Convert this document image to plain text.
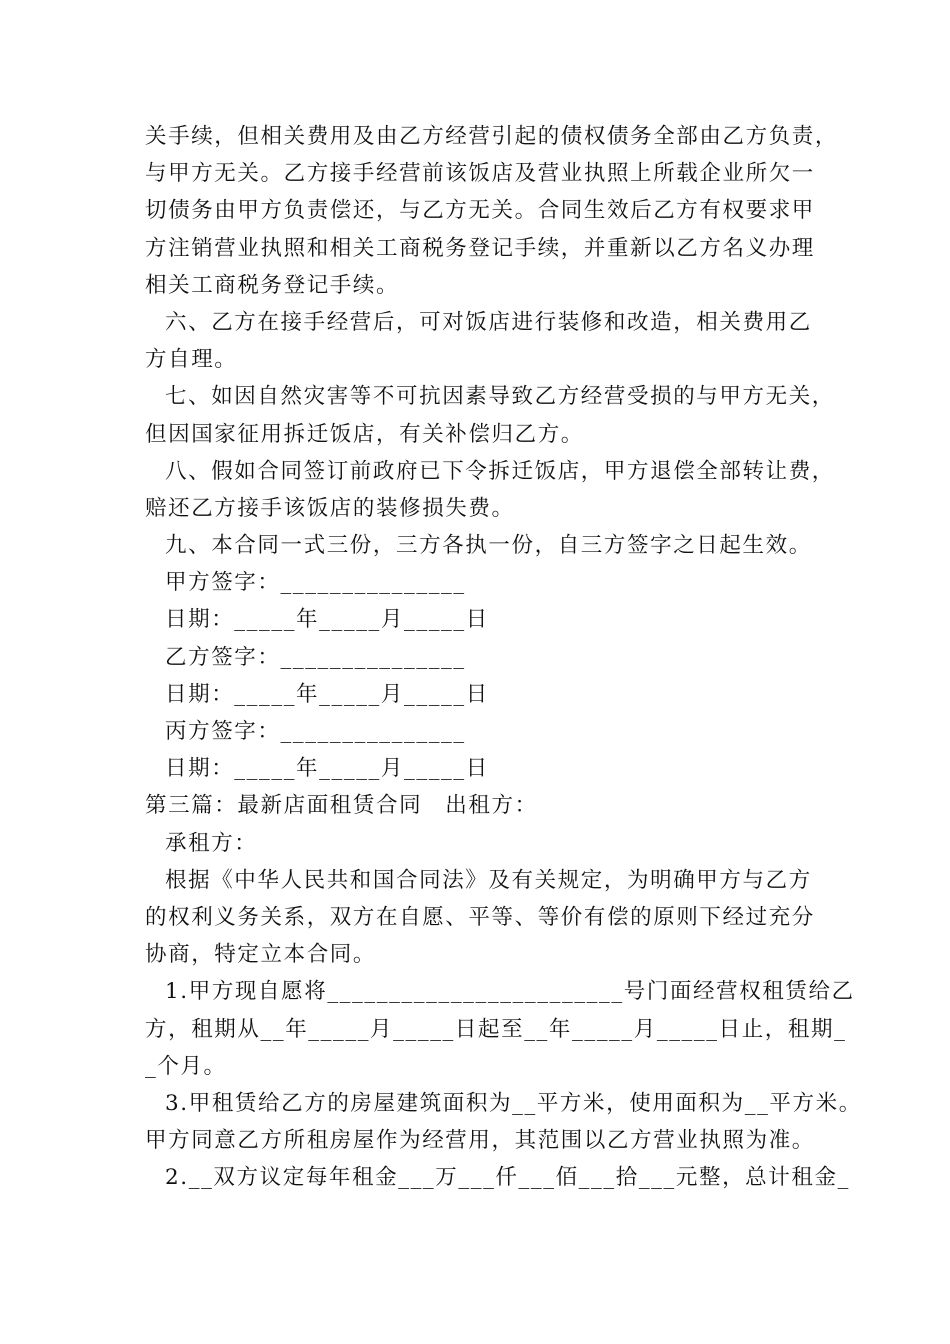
关手续，但相关费用及由乙方经营引起的债权债务全部由乙方负责，
与甲方无关。乙方接手经营前该饭店及营业执照上所载企业所欠一
切债务由甲方负责偿还，与乙方无关。合同生效后乙方有权要求甲
方注销营业执照和相关工商税务登记手续，并重新以乙方名义办理
相关工商税务登记手续。
六、乙方在接手经营后，可对饭店进行装修和改造，相关费用乙
方自理。
七、如因自然灾害等不可抗因素导致乙方经营受损的与甲方无关，
但因国家征用拆迁饭店，有关补偿归乙方。
八、假如合同签订前政府已下令拆迁饭店，甲方退偿全部转让费，
赔还乙方接手该饭店的装修损失费。
九、本合同一式三份，三方各执一份，自三方签字之日起生效。
甲方签字：_______________
日期：_____年_____月_____日
乙方签字：_______________
日期：_____年_____月_____日
丙方签字：_______________
日期：_____年_____月_____日
第三篇：最新店面租赁合同　出租方：
承租方：
根据《中华人民共和国合同法》及有关规定，为明确甲方与乙方
的权利义务关系，双方在自愿、平等、等价有偿的原则下经过充分
协商，特定立本合同。
1.甲方现自愿将________________________号门面经营权租赁给乙
方，租期从__年_____月_____日起至__年_____月_____日止，租期_
_个月。
3.甲租赁给乙方的房屋建筑面积为__平方米，使用面积为__平方米。
甲方同意乙方所租房屋作为经营用，其范围以乙方营业执照为准。
2.__双方议定每年租金___万___仟___佰___拾___元整，总计租金_
